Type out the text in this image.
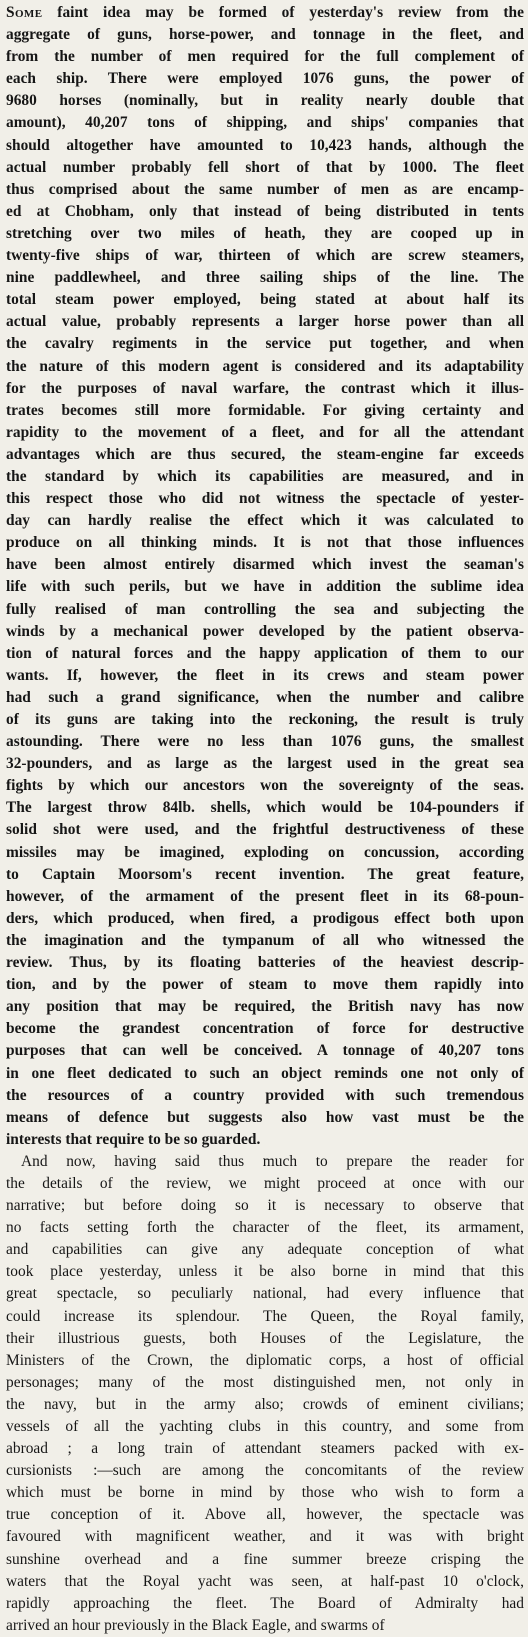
Some faint idea may be formed of yesterday's review from the
aggregate of guns, horse-power, and tonnage in the fleet, and
from the number of men required for the full complement of
each ship. There were employed 1076 guns, the power of
9680 horses (nominally, but in reality nearly double that
amount), 40,207 tons of shipping, and ships' companies that
should altogether have amounted to 10,423 hands, although the
actual number probably fell short of that by 1000. The fleet
thus comprised about the same number of men as are encamp-
ed at Chobham, only that instead of being distributed in tents
stretching over two miles of heath, they are cooped up in
twenty-five ships of war, thirteen of which are screw steamers,
nine paddlewheel, and three sailing ships of the line. The
total steam power employed, being stated at about half its
actual value, probably represents a larger horse power than all
the cavalry regiments in the service put together, and when
the nature of this modern agent is considered and its adaptability
for the purposes of naval warfare, the contrast which it illus-
trates becomes still more formidable. For giving certainty and
rapidity to the movement of a fleet, and for all the attendant
advantages which are thus secured, the steam-engine far exceeds
the standard by which its capabilities are measured, and in
this respect those who did not witness the spectacle of yester-
day can hardly realise the effect which it was calculated to
produce on all thinking minds. It is not that those influences
have been almost entirely disarmed which invest the seaman's
life with such perils, but we have in addition the sublime idea
fully realised of man controlling the sea and subjecting the
winds by a mechanical power developed by the patient observa-
tion of natural forces and the happy application of them to our
wants. If, however, the fleet in its crews and steam power
had such a grand significance, when the number and calibre
of its guns are taking into the reckoning, the result is truly
astounding. There were no less than 1076 guns, the smallest
32-pounders, and as large as the largest used in the great sea
fights by which our ancestors won the sovereignty of the seas.
The largest throw 84lb. shells, which would be 104-pounders if
solid shot were used, and the frightful destructiveness of these
missiles may be imagined, exploding on concussion, according
to Captain Moorsom's recent invention. The great feature,
however, of the armament of the present fleet in its 68-poun-
ders, which produced, when fired, a prodigous effect both upon
the imagination and the tympanum of all who witnessed the
review. Thus, by its floating batteries of the heaviest descrip-
tion, and by the power of steam to move them rapidly into
any position that may be required, the British navy has now
become the grandest concentration of force for destructive
purposes that can well be conceived. A tonnage of 40,207 tons
in one fleet dedicated to such an object reminds one not only of
the resources of a country provided with such tremendous
means of defence but suggests also how vast must be the
interests that require to be so guarded.

And now, having said thus much to prepare the reader for
the details of the review, we might proceed at once with our
narrative; but before doing so it is necessary to observe that
no facts setting forth the character of the fleet, its armament,
and capabilities can give any adequate conception of what
took place yesterday, unless it be also borne in mind that this
great spectacle, so peculiarly national, had every influence that
could increase its splendour. The Queen, the Royal family,
their illustrious guests, both Houses of the Legislature, the
Ministers of the Crown, the diplomatic corps, a host of official
personages; many of the most distinguished men, not only in
the navy, but in the army also; crowds of eminent civilians;
vessels of all the yachting clubs in this country, and some from
abroad ; a long train of attendant steamers packed with ex-
cursionists :—such are among the concomitants of the review
which must be borne in mind by those who wish to form a
true conception of it. Above all, however, the spectacle was
favoured with magnificent weather, and it was with bright
sunshine overhead and a fine summer breeze crisping the
waters that the Royal yacht was seen, at half-past 10 o'clock,
rapidly approaching the fleet. The Board of Admiralty had
arrived an hour previously in the Black Eagle, and swarms of
